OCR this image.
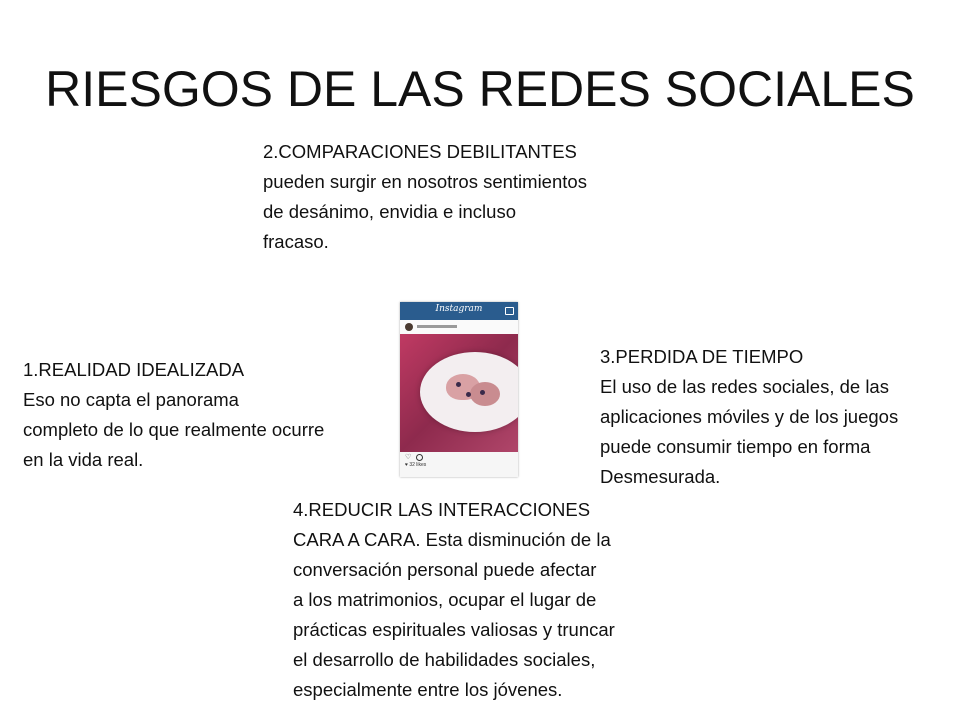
RIESGOS DE LAS REDES SOCIALES
1.REALIDAD IDEALIZADA
Eso no capta el panorama
completo de lo que realmente ocurre
en la vida real.
2.COMPARACIONES DEBILITANTES
pueden surgir en nosotros sentimientos
de desánimo, envidia e incluso
fracaso.
3.PERDIDA DE TIEMPO
El uso de las redes sociales, de las
aplicaciones móviles y de los juegos
puede consumir tiempo en forma
Desmesurada.
4.REDUCIR LAS INTERACCIONES
CARA A CARA. Esta disminución de la
conversación personal puede afectar
a los matrimonios, ocupar el lugar de
prácticas espirituales valiosas y truncar
el desarrollo de habilidades sociales,
especialmente entre los jóvenes.
Instagram
♡
♥ 32 likes
